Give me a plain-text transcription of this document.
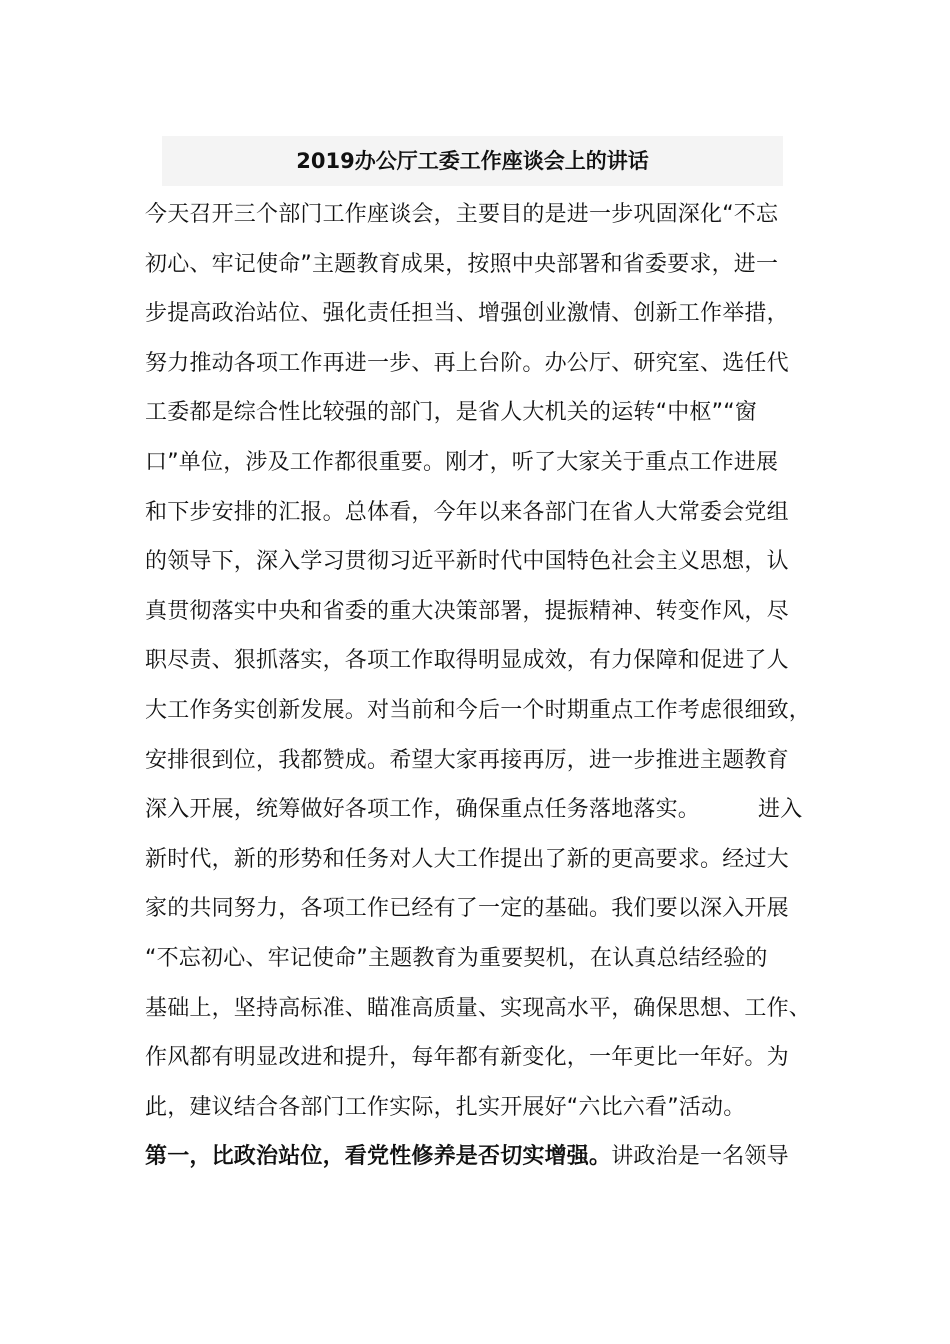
2019办公厅工委工作座谈会上的讲话
今天召开三个部门工作座谈会，主要目的是进一步巩固深化“不忘
初心、牢记使命”主题教育成果，按照中央部署和省委要求，进一
步提高政治站位、强化责任担当、增强创业激情、创新工作举措，
努力推动各项工作再进一步、再上台阶。办公厅、研究室、选任代
工委都是综合性比较强的部门，是省人大机关的运转“中枢”“窗
口”单位，涉及工作都很重要。刚才，听了大家关于重点工作进展
和下步安排的汇报。总体看，今年以来各部门在省人大常委会党组
的领导下，深入学习贯彻习近平新时代中国特色社会主义思想，认
真贯彻落实中央和省委的重大决策部署，提振精神、转变作风，尽
职尽责、狠抓落实，各项工作取得明显成效，有力保障和促进了人
大工作务实创新发展。对当前和今后一个时期重点工作考虑很细致，
安排很到位，我都赞成。希望大家再接再厉，进一步推进主题教育
深入开展，统筹做好各项工作，确保重点任务落地落实。	进入
新时代，新的形势和任务对人大工作提出了新的更高要求。经过大
家的共同努力，各项工作已经有了一定的基础。我们要以深入开展
“不忘初心、牢记使命”主题教育为重要契机，在认真总结经验的
基础上，坚持高标准、瞄准高质量、实现高水平，确保思想、工作、
作风都有明显改进和提升，每年都有新变化，一年更比一年好。为
此，建议结合各部门工作实际，扎实开展好“六比六看”活动。
第一，比政治站位，看党性修养是否切实增强。讲政治是一名领导
